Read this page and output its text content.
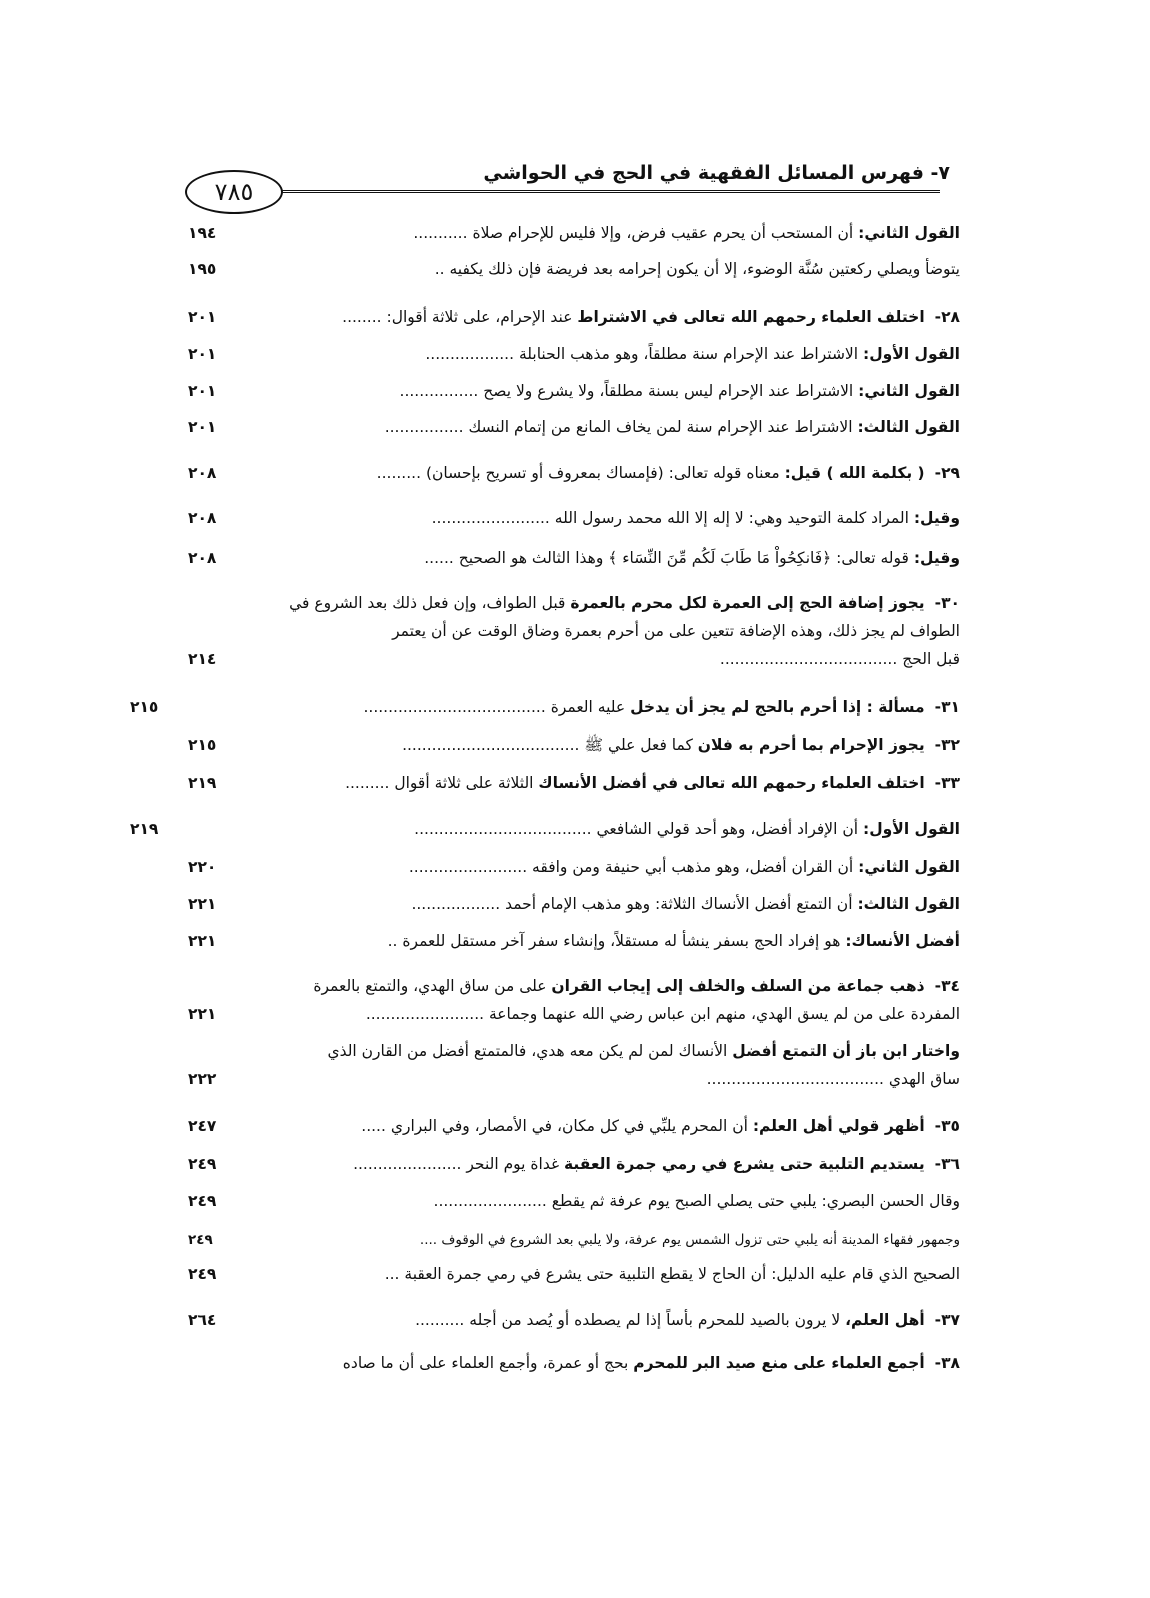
٧- فهرس المسائل الفقهية في الحج في الحواشي
٧٨٥
القول الثاني: أن المستحب أن يحرم عقيب فرض، وإلا فليس للإحرام صلاة ...........
١٩٤
يتوضأ ويصلي ركعتين سُنَّة الوضوء، إلا أن يكون إحرامه بعد فريضة فإن ذلك يكفيه ..
١٩٥
٢٨-اختلف العلماء رحمهم الله تعالى في الاشتراط عند الإحرام، على ثلاثة أقوال: ........
٢٠١
القول الأول: الاشتراط عند الإحرام سنة مطلقاً، وهو مذهب الحنابلة ..................
٢٠١
القول الثاني: الاشتراط عند الإحرام ليس بسنة مطلقاً، ولا يشرع ولا يصح ................
٢٠١
القول الثالث: الاشتراط عند الإحرام سنة لمن يخاف المانع من إتمام النسك ................
٢٠١
٢٩-( بكلمة الله ) قيل: معناه قوله تعالى: (فإمساك بمعروف أو تسريح بإحسان) .........
٢٠٨
وقيل: المراد كلمة التوحيد وهي: لا إله إلا الله محمد رسول الله ........................
٢٠٨
وقيل: قوله تعالى: ﴿فَانكِحُواْ مَا طَابَ لَكُم مِّنَ النِّسَاء ﴾ وهذا الثالث هو الصحيح ......
٢٠٨
٣٠-يجوز إضافة الحج إلى العمرة لكل محرم بالعمرة قبل الطواف، وإن فعل ذلك بعد الشروع في
الطواف لم يجز ذلك، وهذه الإضافة تتعين على من أحرم بعمرة وضاق الوقت عن أن يعتمر
قبل الحج ....................................
٢١٤
٣١-مسألة : إذا أحرم بالحج لم يجز أن يدخل عليه العمرة .....................................
٢١٥
٣٢-يجوز الإحرام بما أحرم به فلان كما فعل علي ﷺ ....................................
٢١٥
٣٣-اختلف العلماء رحمهم الله تعالى في أفضل الأنساك الثلاثة على ثلاثة أقوال .........
٢١٩
القول الأول: أن الإفراد أفضل، وهو أحد قولي الشافعي ....................................
٢١٩
القول الثاني: أن القران أفضل، وهو مذهب أبي حنيفة ومن وافقه ........................
٢٢٠
القول الثالث: أن التمتع أفضل الأنساك الثلاثة: وهو مذهب الإمام أحمد ..................
٢٢١
أفضل الأنساك: هو إفراد الحج بسفر ينشأ له مستقلاً، وإنشاء سفر آخر مستقل للعمرة ..
٢٢١
٣٤-ذهب جماعة من السلف والخلف إلى إيجاب القران على من ساق الهدي، والتمتع بالعمرة
المفردة على من لم يسق الهدي، منهم ابن عباس رضي الله عنهما وجماعة ........................
٢٢١
واختار ابن باز أن التمتع أفضل الأنساك لمن لم يكن معه هدي، فالمتمتع أفضل من القارن الذي
ساق الهدي ....................................
٢٢٢
٣٥-أظهر قولي أهل العلم: أن المحرم يلبِّي في كل مكان، في الأمصار، وفي البراري .....
٢٤٧
٣٦-يستديم التلبية حتى يشرع في رمي جمرة العقبة غداة يوم النحر ......................
٢٤٩
وقال الحسن البصري: يلبي حتى يصلي الصبح يوم عرفة ثم يقطع .......................
٢٤٩
وجمهور فقهاء المدينة أنه يلبي حتى تزول الشمس يوم عرفة، ولا يلبي بعد الشروع في الوقوف ....
٢٤٩
الصحيح الذي قام عليه الدليل: أن الحاج لا يقطع التلبية حتى يشرع في رمي جمرة العقبة ...
٢٤٩
٣٧-أهل العلم، لا يرون بالصيد للمحرم بأساً إذا لم يصطده أو يُصد من أجله ..........
٢٦٤
٣٨-أجمع العلماء على منع صيد البر للمحرم بحج أو عمرة، وأجمع العلماء على أن ما صاده
